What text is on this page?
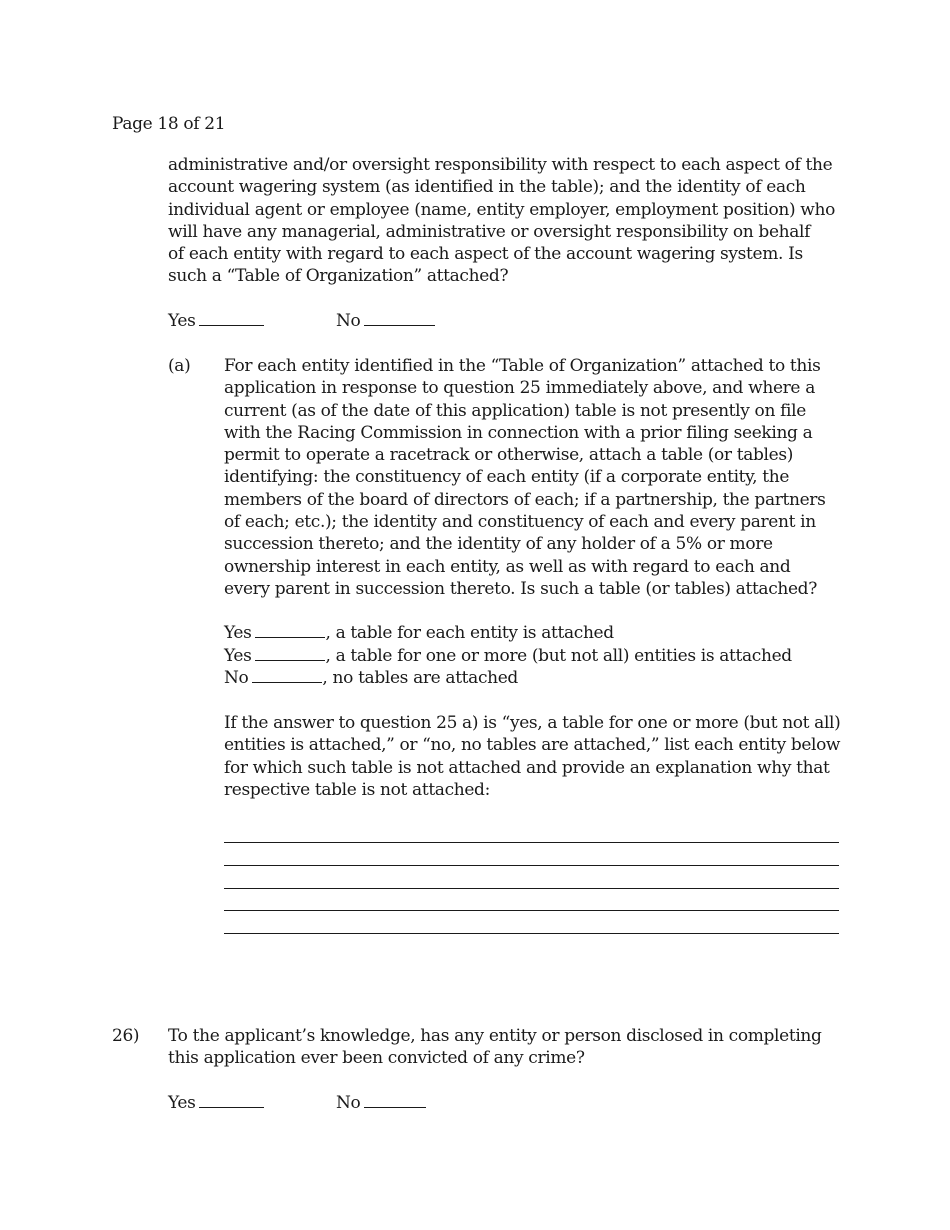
Page 18 of 21
administrative and/or oversight responsibility with respect to each aspect of the
account wagering system (as identified in the table); and the identity of each
individual agent or employee (name, entity employer, employment position) who
will have any managerial, administrative or oversight responsibility on behalf
of each entity with regard to each aspect of the account wagering system. Is
such a “Table of Organization” attached?
Yes	No
(a) For each entity identified in the “Table of Organization” attached to this
application in response to question 25 immediately above, and where a
current (as of the date of this application) table is not presently on file
with the Racing Commission in connection with a prior filing seeking a
permit to operate a racetrack or otherwise, attach a table (or tables)
identifying: the constituency of each entity (if a corporate entity, the
members of the board of directors of each; if a partnership, the partners
of each; etc.); the identity and constituency of each and every parent in
succession thereto; and the identity of any holder of a 5% or more
ownership interest in each entity, as well as with regard to each and
every parent in succession thereto. Is such a table (or tables) attached?
Yes	, a table for each entity is attached
Yes	, a table for one or more (but not all) entities is attached
No	, no tables are attached
If the answer to question 25 a) is “yes, a table for one or more (but not all)
entities is attached,” or “no, no tables are attached,” list each entity below
for which such table is not attached and provide an explanation why that
respective table is not attached:
26) To the applicant’s knowledge, has any entity or person disclosed in completing
this application ever been convicted of any crime?
Yes	No
